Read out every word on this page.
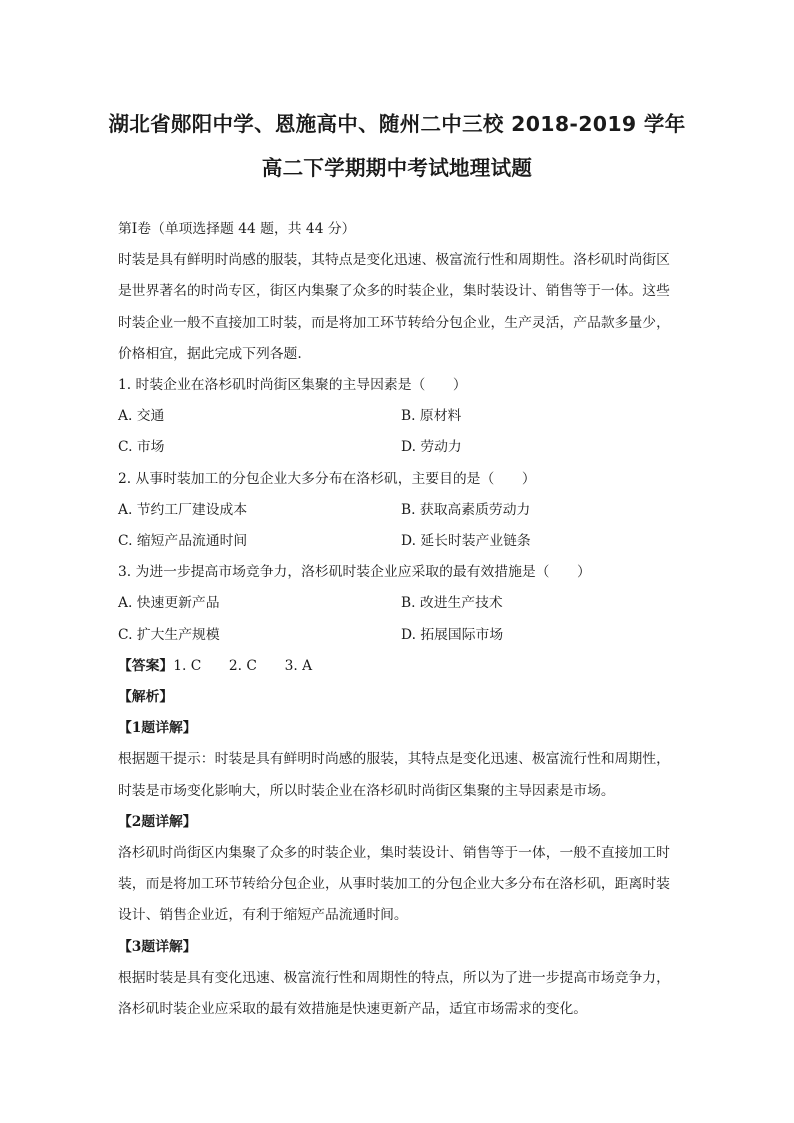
湖北省郧阳中学、恩施高中、随州二中三校 2018-2019 学年
高二下学期期中考试地理试题
第Ⅰ卷（单项选择题 44 题，共 44 分）
时装是具有鲜明时尚感的服装，其特点是变化迅速、极富流行性和周期性。洛杉矶时尚街区
是世界著名的时尚专区，街区内集聚了众多的时装企业，集时装设计、销售等于一体。这些
时装企业一般不直接加工时装，而是将加工环节转给分包企业，生产灵活，产品款多量少，
价格相宜，据此完成下列各题.
1. 时装企业在洛杉矶时尚街区集聚的主导因素是（　　）
A. 交通	B. 原材料
C. 市场	D. 劳动力
2. 从事时装加工的分包企业大多分布在洛杉矶，主要目的是（　　）
A. 节约工厂建设成本	B. 获取高素质劳动力
C. 缩短产品流通时间	D. 延长时装产业链条
3. 为进一步提高市场竞争力，洛杉矶时装企业应采取的最有效措施是（　　）
A. 快速更新产品	B. 改进生产技术
C. 扩大生产规模	D. 拓展国际市场
【答案】1. C　　2. C　　3. A
【解析】
【1题详解】
根据题干提示：时装是具有鲜明时尚感的服装，其特点是变化迅速、极富流行性和周期性，
时装是市场变化影响大，所以时装企业在洛杉矶时尚街区集聚的主导因素是市场。
【2题详解】
洛杉矶时尚街区内集聚了众多的时装企业，集时装设计、销售等于一体，一般不直接加工时
装，而是将加工环节转给分包企业，从事时装加工的分包企业大多分布在洛杉矶，距离时装
设计、销售企业近，有利于缩短产品流通时间。
【3题详解】
根据时装是具有变化迅速、极富流行性和周期性的特点，所以为了进一步提高市场竞争力，
洛杉矶时装企业应采取的最有效措施是快速更新产品，适宜市场需求的变化。
